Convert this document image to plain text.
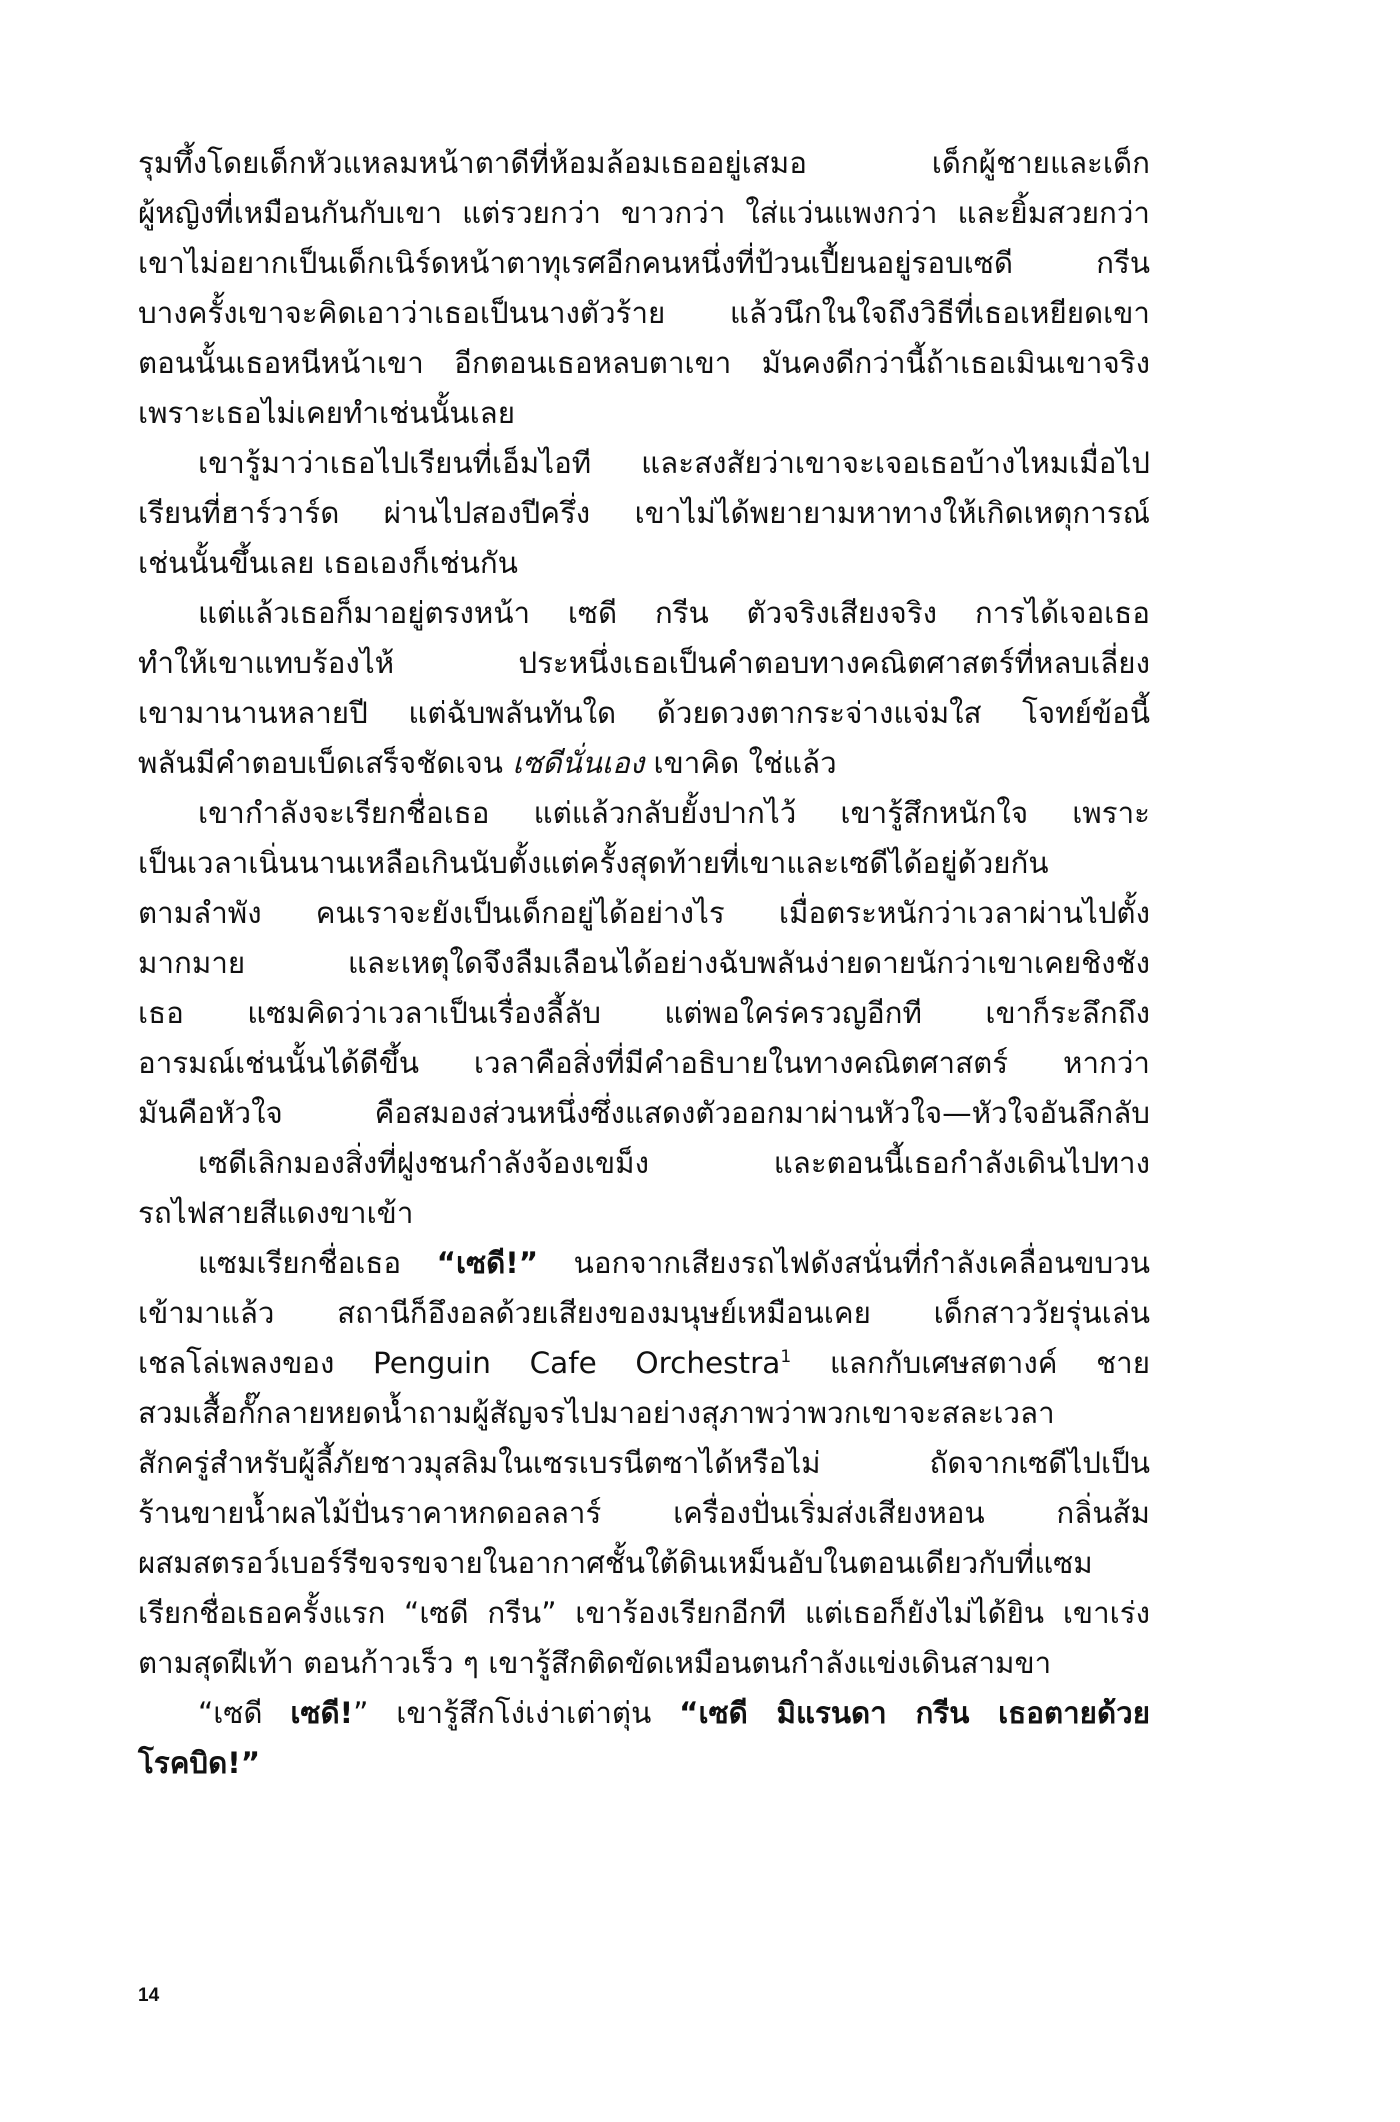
รุมทึ้งโดยเด็กหัวแหลมหน้าตาดีที่ห้อมล้อมเธออยู่เสมอ เด็กผู้ชายและเด็ก
ผู้หญิงที่เหมือนกันกับเขา แต่รวยกว่า ขาวกว่า ใส่แว่นแพงกว่า และยิ้มสวยกว่า
เขาไม่อยากเป็นเด็กเนิร์ดหน้าตาทุเรศอีกคนหนึ่งที่ป้วนเปี้ยนอยู่รอบเซดี กรีน
บางครั้งเขาจะคิดเอาว่าเธอเป็นนางตัวร้าย แล้วนึกในใจถึงวิธีที่เธอเหยียดเขา
ตอนนั้นเธอหนีหน้าเขา อีกตอนเธอหลบตาเขา มันคงดีกว่านี้ถ้าเธอเมินเขาจริง
เพราะเธอไม่เคยทำเช่นนั้นเลย
เขารู้มาว่าเธอไปเรียนที่เอ็มไอที และสงสัยว่าเขาจะเจอเธอบ้างไหมเมื่อไป
เรียนที่ฮาร์วาร์ด ผ่านไปสองปีครึ่ง เขาไม่ได้พยายามหาทางให้เกิดเหตุการณ์
เช่นนั้นขึ้นเลย เธอเองก็เช่นกัน
แต่แล้วเธอก็มาอยู่ตรงหน้า เซดี กรีน ตัวจริงเสียงจริง การได้เจอเธอ
ทำให้เขาแทบร้องไห้ ประหนึ่งเธอเป็นคำตอบทางคณิตศาสตร์ที่หลบเลี่ยง
เขามานานหลายปี แต่ฉับพลันทันใด ด้วยดวงตากระจ่างแจ่มใส โจทย์ข้อนี้
พลันมีคำตอบเบ็ดเสร็จชัดเจน เซดีนั่นเอง เขาคิด ใช่แล้ว
เขากำลังจะเรียกชื่อเธอ แต่แล้วกลับยั้งปากไว้ เขารู้สึกหนักใจ เพราะ
เป็นเวลาเนิ่นนานเหลือเกินนับตั้งแต่ครั้งสุดท้ายที่เขาและเซดีได้อยู่ด้วยกัน
ตามลำพัง คนเราจะยังเป็นเด็กอยู่ได้อย่างไร เมื่อตระหนักว่าเวลาผ่านไปตั้ง
มากมาย และเหตุใดจึงลืมเลือนได้อย่างฉับพลันง่ายดายนักว่าเขาเคยชิงชัง
เธอ แซมคิดว่าเวลาเป็นเรื่องลี้ลับ แต่พอใคร่ครวญอีกที เขาก็ระลึกถึง
อารมณ์เช่นนั้นได้ดีขึ้น เวลาคือสิ่งที่มีคำอธิบายในทางคณิตศาสตร์ หากว่า
มันคือหัวใจ คือสมองส่วนหนึ่งซึ่งแสดงตัวออกมาผ่านหัวใจ—หัวใจอันลึกลับ
เซดีเลิกมองสิ่งที่ฝูงชนกำลังจ้องเขม็ง และตอนนี้เธอกำลังเดินไปทาง
รถไฟสายสีแดงขาเข้า
แซมเรียกชื่อเธอ “เซดี!” นอกจากเสียงรถไฟดังสนั่นที่กำลังเคลื่อนขบวน
เข้ามาแล้ว สถานีก็อึงอลด้วยเสียงของมนุษย์เหมือนเคย เด็กสาววัยรุ่นเล่น
เชลโล่เพลงของ Penguin Cafe Orchestra$^1$ แลกกับเศษสตางค์ ชาย
สวมเสื้อกั๊กลายหยดน้ำถามผู้สัญจรไปมาอย่างสุภาพว่าพวกเขาจะสละเวลา
สักครู่สำหรับผู้ลี้ภัยชาวมุสลิมในเซรเบรนีตซาได้หรือไม่ ถัดจากเซดีไปเป็น
ร้านขายน้ำผลไม้ปั่นราคาหกดอลลาร์ เครื่องปั่นเริ่มส่งเสียงหอน กลิ่นส้ม
ผสมสตรอว์เบอร์รีขจรขจายในอากาศชั้นใต้ดินเหม็นอับในตอนเดียวกับที่แซม
เรียกชื่อเธอครั้งแรก “เซดี กรีน” เขาร้องเรียกอีกที แต่เธอก็ยังไม่ได้ยิน เขาเร่ง
ตามสุดฝีเท้า ตอนก้าวเร็ว ๆ เขารู้สึกติดขัดเหมือนตนกำลังแข่งเดินสามขา
“เซดี เซดี!” เขารู้สึกโง่เง่าเต่าตุ่น “เซดี มิแรนดา กรีน เธอตายด้วย
โรคบิด!”
14
